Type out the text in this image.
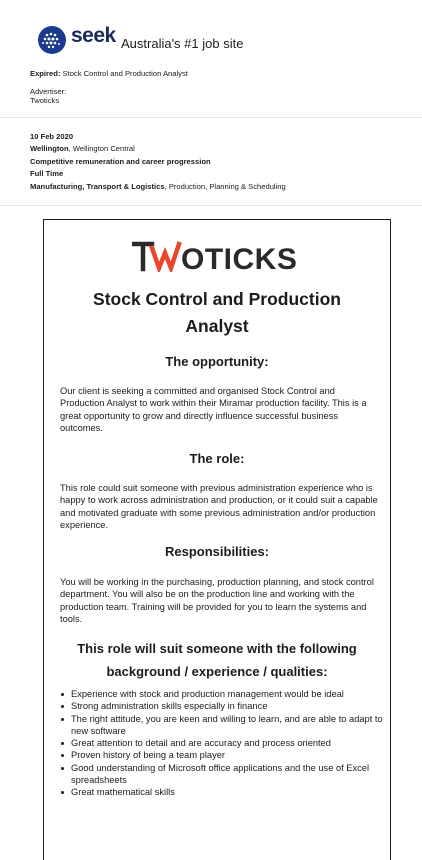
seek Australia's #1 job site
Expired: Stock Control and Production Analyst
Advertiser:
Twoticks
10 Feb 2020
Wellington, Wellington Central
Competitive remuneration and career progression
Full Time
Manufacturing, Transport & Logistics, Production, Planning & Scheduling
OTICKS
Stock Control and Production
Analyst
The opportunity:
Our client is seeking a committed and organised Stock Control and Production Analyst to work within their Miramar production facility. This is a great opportunity to grow and directly influence successful business outcomes.
The role:
This role could suit someone with previous administration experience who is happy to work across administration and production, or it could suit a capable and motivated graduate with some previous administration and/or production experience.
Responsibilities:
You will be working in the purchasing, production planning, and stock control department. You will also be on the production line and working with the production team. Training will be provided for you to learn the systems and tools.
This role will suit someone with the following
background / experience / qualities:
Experience with stock and production management would be ideal
Strong administration skills especially in finance
The right attitude, you are keen and willing to learn, and are able to adapt to new software
Great attention to detail and are accuracy and process oriented
Proven history of being a team player
Good understanding of Microsoft office applications and the use of Excel spreadsheets
Great mathematical skills
